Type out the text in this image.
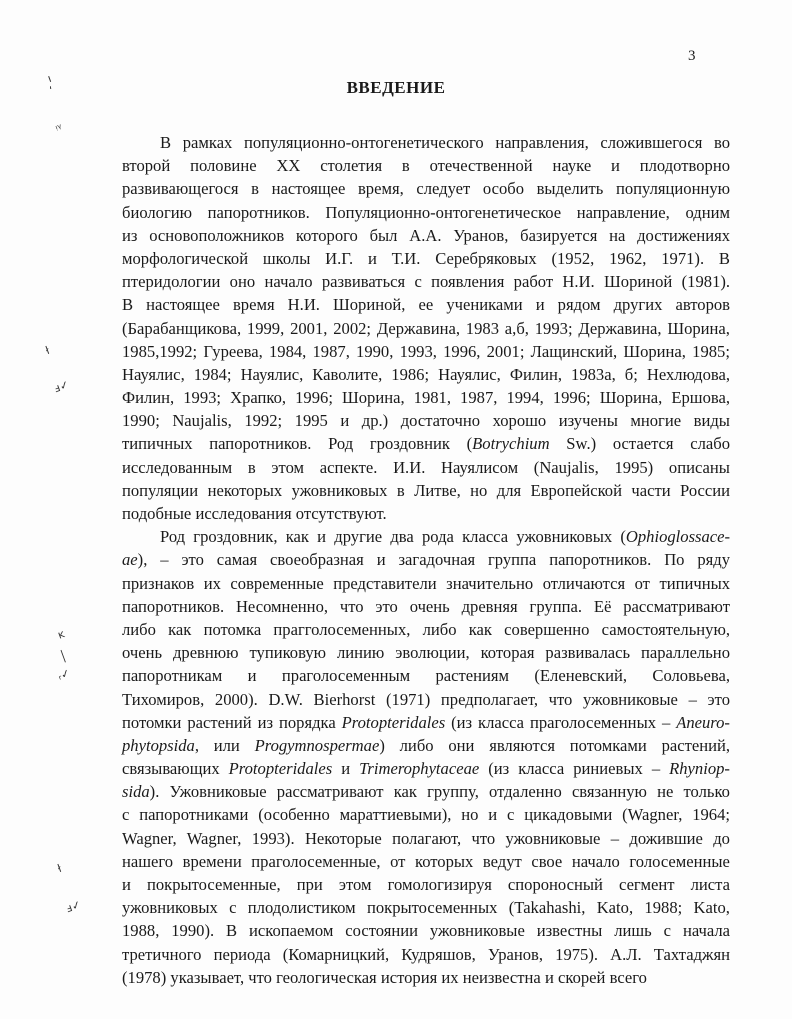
ı
ʻ
ᵎᵞ
ł
ⅎ✓
ĸ
│
ᵣ✓
ł
ⅎ✓
3
ВВЕДЕНИЕ
В рамках популяционно-онтогенетического направления, сложившегося во
второй половине XX столетия в отечественной науке и плодотворно
развивающегося в настоящее время, следует особо выделить популяционную
биологию папоротников. Популяционно-онтогенетическое направление, одним
из основоположников которого был А.А. Уранов, базируется на достижениях
морфологической школы И.Г. и Т.И. Серебряковых (1952, 1962, 1971). В
птеридологии оно начало развиваться с появления работ Н.И. Шориной (1981).
В настоящее время Н.И. Шориной, ее учениками и рядом других авторов
(Барабанщикова, 1999, 2001, 2002; Державина, 1983 а,б, 1993; Державина, Шорина,
1985,1992; Гуреева, 1984, 1987, 1990, 1993, 1996, 2001; Лащинский, Шорина, 1985;
Науялис, 1984; Науялис, Каволите, 1986; Науялис, Филин, 1983а, б; Нехлюдова,
Филин, 1993; Храпко, 1996; Шорина, 1981, 1987, 1994, 1996; Шорина, Ершова,
1990; Naujalis, 1992; 1995 и др.) достаточно хорошо изучены многие виды
типичных папоротников. Род гроздовник (Botrychium Sw.) остается слабо
исследованным в этом аспекте. И.И. Науялисом (Naujalis, 1995) описаны
популяции некоторых ужовниковых в Литве, но для Европейской части России
подобные исследования отсутствуют.
Род гроздовник, как и другие два рода класса ужовниковых (Ophioglossace-
ae), – это самая своеобразная и загадочная группа папоротников. По ряду
признаков их современные представители значительно отличаются от типичных
папоротников. Несомненно, что это очень древняя группа. Её рассматривают
либо как потомка прагголосеменных, либо как совершенно самостоятельную,
очень древнюю тупиковую линию эволюции, которая развивалась параллельно
папоротникам и праголосеменным растениям (Еленевский, Соловьева,
Тихомиров, 2000). D.W. Bierhorst (1971) предполагает, что ужовниковые – это
потомки растений из порядка Protopteridales (из класса праголосеменных – Aneuro-
phytopsida, или Progymnospermae) либо они являются потомками растений,
связывающих Protopteridales и Trimerophytaceae (из класса риниевых – Rhyniop-
sida). Ужовниковые рассматривают как группу, отдаленно связанную не только
с папоротниками (особенно мараттиевыми), но и с цикадовыми (Wagner, 1964;
Wagner, Wagner, 1993). Некоторые полагают, что ужовниковые – дожившие до
нашего времени праголосеменные, от которых ведут свое начало голосеменные
и покрытосеменные, при этом гомологизируя спороносный сегмент листа
ужовниковых с плодолистиком покрытосеменных (Takahashi, Kato, 1988; Kato,
1988, 1990). В ископаемом состоянии ужовниковые известны лишь с начала
третичного периода (Комарницкий, Кудряшов, Уранов, 1975). А.Л. Тахтаджян
(1978) указывает, что геологическая история их неизвестна и скорей всего
